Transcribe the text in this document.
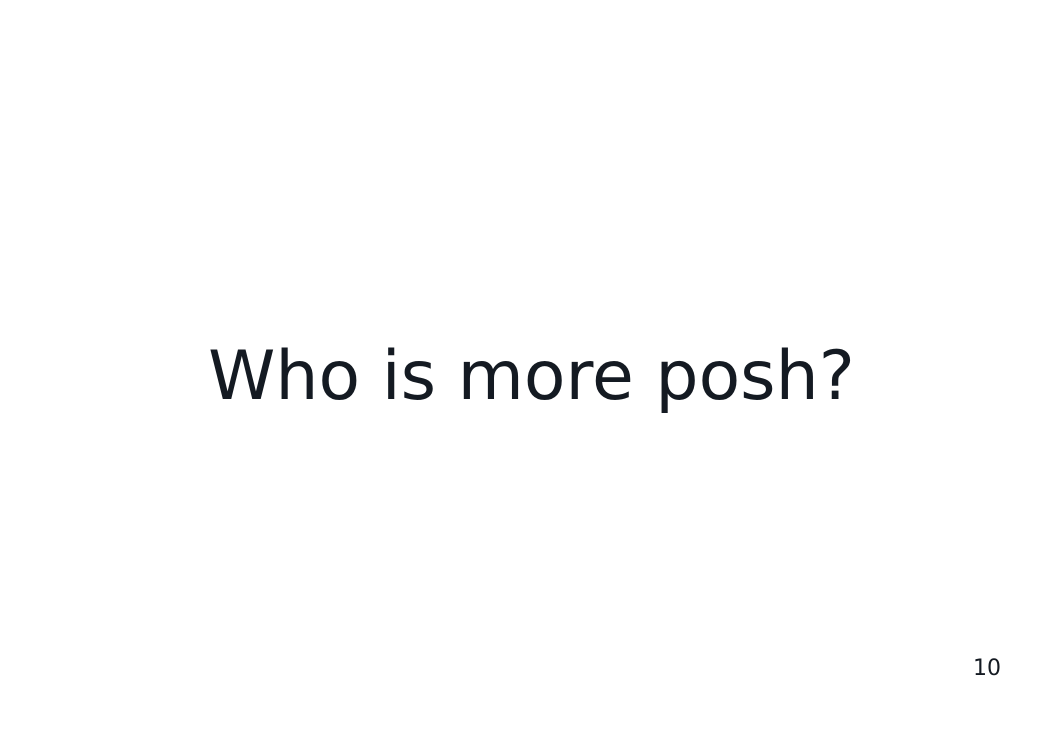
Who is more posh?
10
